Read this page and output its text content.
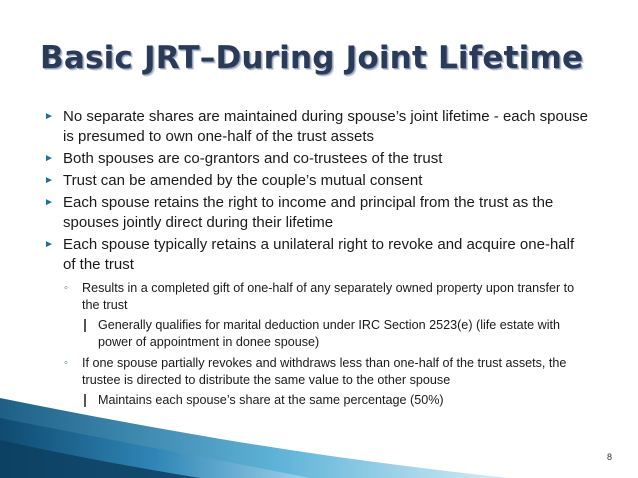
Basic JRT–During Joint Lifetime
► No separate shares are maintained during spouse’s joint lifetime - each spouse is presumed to own one-half of the trust assets
► Both spouses are co-grantors and co-trustees of the trust
► Trust can be amended by the couple’s mutual consent
► Each spouse retains the right to income and principal from the trust as the spouses jointly direct during their lifetime
► Each spouse typically retains a unilateral right to revoke and acquire one-half of the trust
◦ Results in a completed gift of one-half of any separately owned property upon transfer to the trust
Generally qualifies for marital deduction under IRC Section 2523(e) (life estate with power of appointment in donee spouse)
◦ If one spouse partially revokes and withdraws less than one-half of the trust assets, the trustee is directed to distribute the same value to the other spouse
Maintains each spouse’s share at the same percentage (50%)
8
